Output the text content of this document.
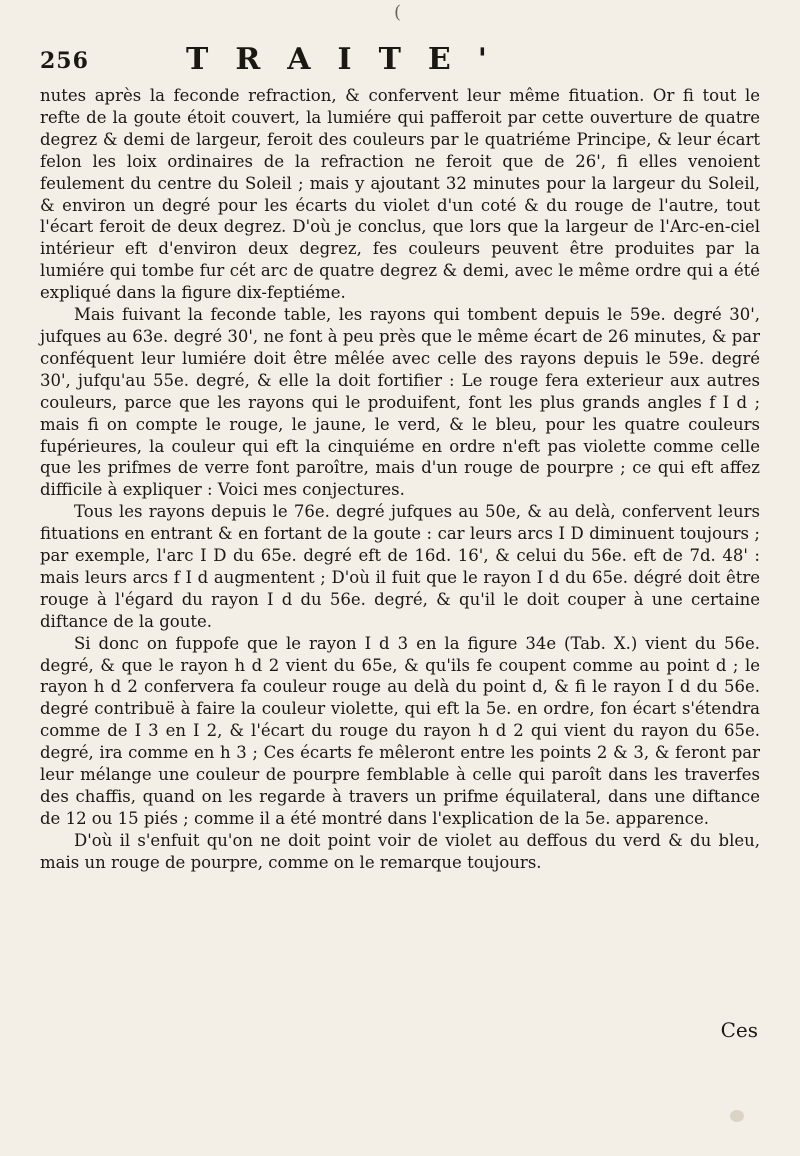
(
256	TRAITE'

nutes après la feconde refraction, & confervent leur même fituation. Or fi tout le refte de la goute étoit couvert, la lumiére qui pafferoit par cette ouverture de quatre degrez & demi de largeur, feroit des couleurs par le quatriéme Principe, & leur écart felon les loix ordinaires de la refraction ne feroit que de 26', fi elles venoient feulement du centre du Soleil ; mais y ajoutant 32 minutes pour la largeur du Soleil, & environ un degré pour les écarts du violet d'un coté & du rouge de l'autre, tout l'écart feroit de deux degrez. D'où je conclus, que lors que la largeur de l'Arc-en-ciel intérieur eft d'environ deux degrez, fes couleurs peuvent être produites par la lumiére qui tombe fur cét arc de quatre degrez & demi, avec le même ordre qui a été expliqué dans la figure dix-feptiéme.

Mais fuivant la feconde table, les rayons qui tombent depuis le 59e. degré 30', jufques au 63e. degré 30', ne font à peu près que le même écart de 26 minutes, & par conféquent leur lumiére doit être mêlée avec celle des rayons depuis le 59e. degré 30', jufqu'au 55e. degré, & elle la doit fortifier : Le rouge fera exterieur aux autres couleurs, parce que les rayons qui le produifent, font les plus grands angles f I d ; mais fi on compte le rouge, le jaune, le verd, & le bleu, pour les quatre couleurs fupérieures, la couleur qui eft la cinquiéme en ordre n'eft pas violette comme celle que les prifmes de verre font paroître, mais d'un rouge de pourpre ; ce qui eft affez difficile à expliquer : Voici mes conjectures.

Tous les rayons depuis le 76e. degré jufques au 50e, & au delà, confervent leurs fituations en entrant & en fortant de la goute : car leurs arcs I D diminuent toujours ; par exemple, l'arc I D du 65e. degré eft de 16d. 16', & celui du 56e. eft de 7d. 48' : mais leurs arcs f I d augmentent ; D'où il fuit que le rayon I d du 65e. dégré doit être rouge à l'égard du rayon I d du 56e. degré, & qu'il le doit couper à une certaine diftance de la goute.

Si donc on fuppofe que le rayon I d 3 en la figure 34e (Tab. X.) vient du 56e. degré, & que le rayon h d 2 vient du 65e, & qu'ils fe coupent comme au point d ; le rayon h d 2 confervera fa couleur rouge au delà du point d, & fi le rayon I d du 56e. degré contribuë à faire la couleur violette, qui eft la 5e. en ordre, fon écart s'étendra comme de I 3 en I 2, & l'écart du rouge du rayon h d 2 qui vient du rayon du 65e. degré, ira comme en h 3 ; Ces écarts fe mêleront entre les points 2 & 3, & feront par leur mélange une couleur de pourpre femblable à celle qui paroît dans les traverfes des chaffis, quand on les regarde à travers un prifme équilateral, dans une diftance de 12 ou 15 piés ; comme il a été montré dans l'explication de la 5e. apparence.

D'où il s'enfuit qu'on ne doit point voir de violet au deffous du verd & du bleu, mais un rouge de pourpre, comme on le remarque toujours.

Ces
